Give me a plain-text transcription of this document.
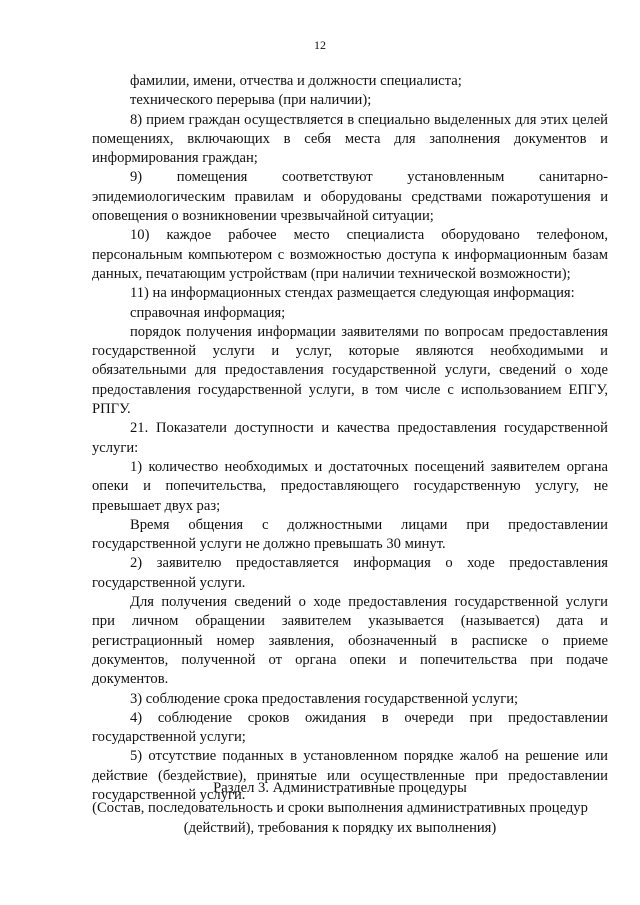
12

фамилии, имени, отчества и должности специалиста;

технического перерыва (при наличии);

8) прием граждан осуществляется в специально выделенных для этих целей помещениях, включающих в себя места для заполнения документов и информирования граждан;

9) помещения соответствуют установленным санитарно-эпидемиологическим правилам и оборудованы средствами пожаротушения и оповещения о возникновении чрезвычайной ситуации;

10) каждое рабочее место специалиста оборудовано телефоном, персональным компьютером с возможностью доступа к информационным базам данных, печатающим устройствам (при наличии технической возможности);

11) на информационных стендах размещается следующая информация:

справочная информация;

порядок получения информации заявителями по вопросам предоставления государственной услуги и услуг, которые являются необходимыми и обязательными для предоставления государственной услуги, сведений о ходе предоставления государственной услуги, в том числе с использованием ЕПГУ, РПГУ.

21. Показатели доступности и качества предоставления государственной услуги:

1) количество необходимых и достаточных посещений заявителем органа опеки и попечительства, предоставляющего государственную услугу, не превышает двух раз;

Время общения с должностными лицами при предоставлении государственной услуги не должно превышать 30 минут.

2) заявителю предоставляется информация о ходе предоставления государственной услуги.

Для получения сведений о ходе предоставления государственной услуги при личном обращении заявителем указывается (называется) дата и регистрационный номер заявления, обозначенный в расписке о приеме документов, полученной от органа опеки и попечительства при подаче документов.

3) соблюдение срока предоставления государственной услуги;

4) соблюдение сроков ожидания в очереди при предоставлении государственной услуги;

5) отсутствие поданных в установленном порядке жалоб на решение или действие (бездействие), принятые или осуществленные при предоставлении государственной услуги.

Раздел 3. Административные процедуры

(Состав, последовательность и сроки выполнения административных процедур

(действий), требования к порядку их выполнения)
